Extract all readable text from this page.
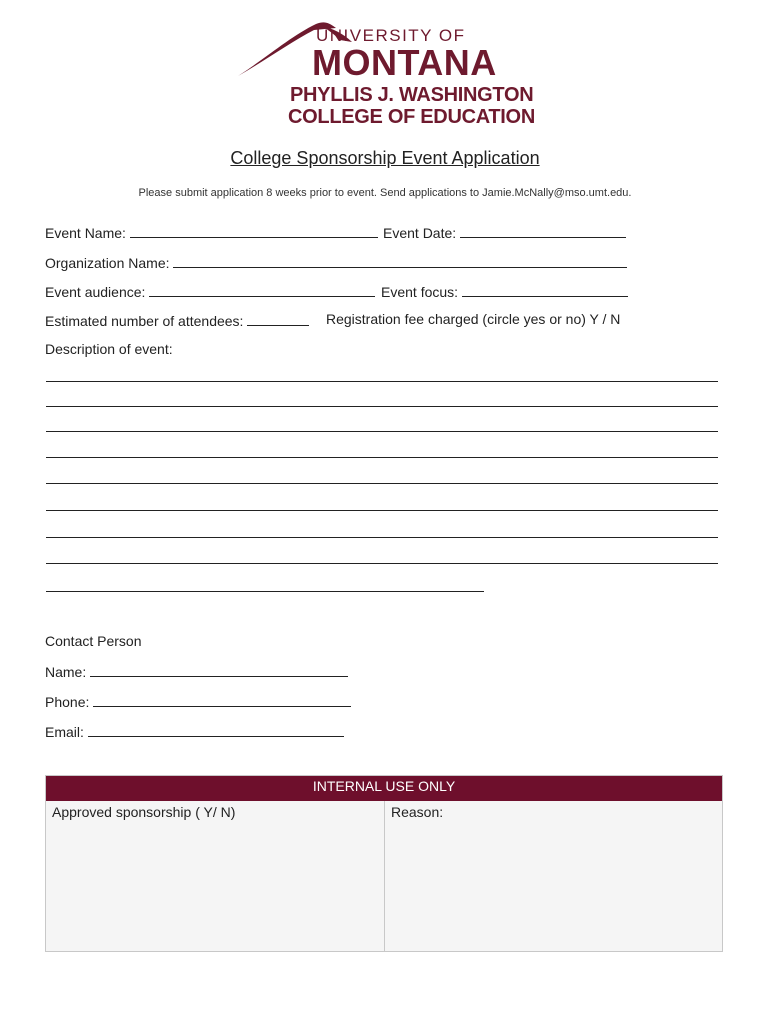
UNIVERSITY OF
MONTANA
PHYLLIS J. WASHINGTON
COLLEGE OF EDUCATION
College Sponsorship Event Application
Please submit application 8 weeks prior to event. Send applications to Jamie.McNally@mso.umt.edu.
Event Name:	Event Date:
Organization Name:
Event audience:	Event focus:
Estimated number of attendees:	Registration fee charged (circle yes or no) Y / N
Description of event:
Contact Person
Name:
Phone:
Email:
INTERNAL USE ONLY
Approved sponsorship ( Y/ N)	Reason:
